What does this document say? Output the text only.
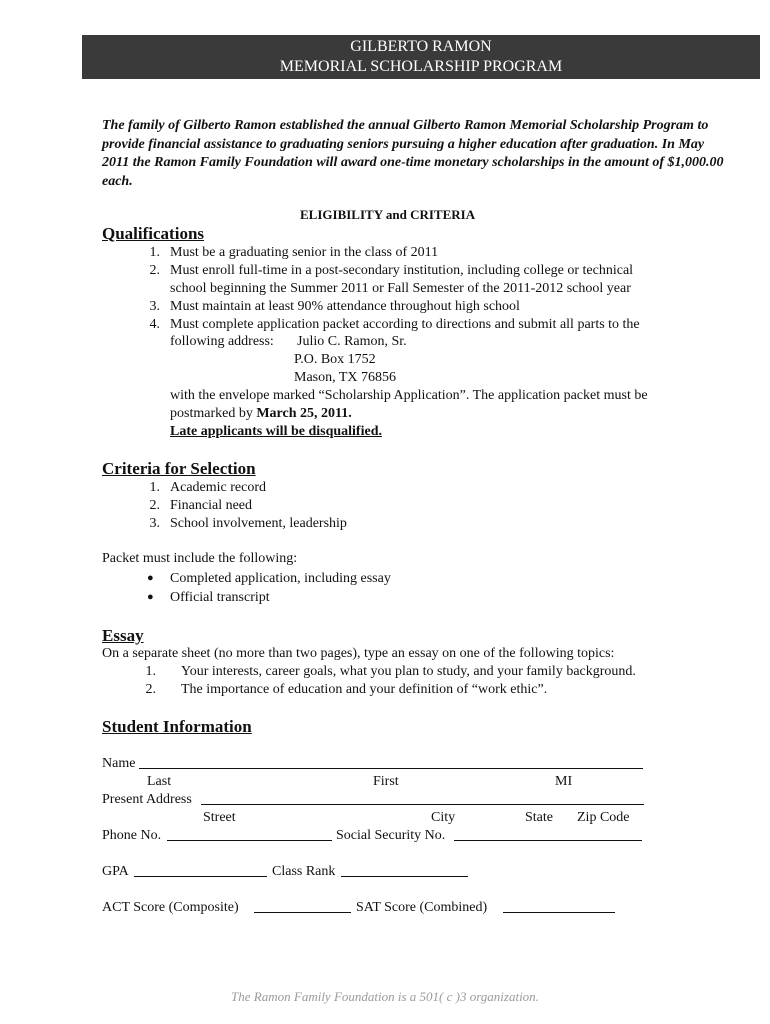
GILBERTO RAMON
MEMORIAL SCHOLARSHIP PROGRAM
The family of Gilberto Ramon established the annual Gilberto Ramon Memorial Scholarship Program to provide financial assistance to graduating seniors pursuing a higher education after graduation. In May 2011 the Ramon Family Foundation will award one-time monetary scholarships in the amount of $1,000.00 each.
ELIGIBILITY and CRITERIA
Qualifications
1. Must be a graduating senior in the class of 2011
2. Must enroll full-time in a post-secondary institution, including college or technical
school beginning the Summer 2011 or Fall Semester of the 2011-2012 school year
3. Must maintain at least 90% attendance throughout high school
4. Must complete application packet according to directions and submit all parts to the
following address: Julio C. Ramon, Sr.
P.O. Box 1752
Mason, TX 76856
with the envelope marked “Scholarship Application”. The application packet must be
postmarked by March 25, 2011.
Late applicants will be disqualified.
Criteria for Selection
1. Academic record
2. Financial need
3. School involvement, leadership
Packet must include the following:
● Completed application, including essay
● Official transcript
Essay
On a separate sheet (no more than two pages), type an essay on one of the following topics:
1. Your interests, career goals, what you plan to study, and your family background.
2. The importance of education and your definition of “work ethic”.
Student Information
Name
Last	First	MI
Present Address
Street	City	State Zip Code
Phone No.	Social Security No.
GPA	Class Rank
ACT Score (Composite)	SAT Score (Combined)
The Ramon Family Foundation is a 501( c )3 organization.
